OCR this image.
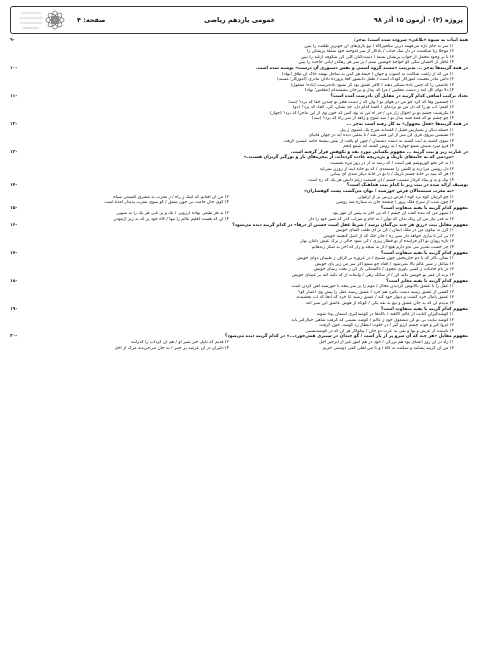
پروژه (۳) - آزمون ۱۵ آذر ۹۸
عمومی یازدهم ریاضی
صفحه: ۴
همهٔ ابیات به شیوهٔ «بلاغی» سروده شده است؛ به‌جز:
۹-
۱) سر نه جای ذرّه می‌فهمد درین تنگجیرگاه / تیغ بازی‌های آن خونریزِ طلعت را ببین
۲) موجلا زنا شکست در دل تنگ حباب / یادگار از سر آموخته خود شعلهٔ پریشان را
۳) تا بر وجود محملِ از خوابِ پریشان بستهٔ / دست‌کنان گلی گن شکوفه آرغند را ببین
۴) غافل از احسان تنگی کو خواجهٔ خوشین ستم / بر سر هر رهگذر آیاتی حاجت را ببین
در همهٔ گزینه‌ها به‌جز ... به‌ترتیب «مسند گروه اسمی و نقش دستوری آن درست» نوشته شده است.
۱۰-
۱) من که از زلفت شکایت به آشوب و جهان / خیمهٔ هر کس به ساحل نهفته خاک آن طاق (نهاد)
۲) دامن مادر نخست آموزگار کودک است / طفل دانشور کجا پرورده نادان مادری (آموزگار؛ مسند)
۳) عاشقی را که چنین بادهٔ شبگیر دهند / کافر عشق بود گر نشود باده‌پرست (باده؛ مفعول)
۴) دلا نوای گل آمد ز دست مجلس / مرا که بیدل و بی‌جان نشسته‌ام (مجلس؛ نهاد)
تعداد ترکیب اضافی کدام گزینه در مقابل آن نادرست آمده است؟
۱۱-
۱) چشمین وفا که کرد چو من در هوای تو / وان گه ز دست هجر تو چندین جفا که برد؟ (سه)
۲) گفتم: آب تو را که دل من تو بردمای / گفتنا کدام دل، چه نشان، کی، کجا، که برد؟ (دو)
۳) بگریست چشم تو بر احوال زار من / جز آه من نه بود کس که خون وی از این ماجرا که برد؟ (چهار)
۴) چو چشم تو که فتنهٔ فتنه بیدل تو / صد شوخ و زاهد از سر راه که برد؟ (سه)
در همهٔ گزینه‌ها «فعل مجهول» به کار رفته است به‌جز ...
۱۲-
۱) حسله دیگر ز بسیارش فقیل / گفته‌اید شرح یک عضوی ز پیل
۲) تشمس تیرؤی فری کن سر از این قصر بلند / تا بفلبی دیده آید در جهان فانیای
۳) سوی گشته به آیت گشته بد دست دشمنان / چون او یافت از نیش نیشتهٔ جامه عیسیٔ گرفت
۴) فرو میرد شبش شمع چهاره / به روش گشته آید شمع اِنجم
در عبارت زیر و بیت گزینهٔ ... مفهوم یکسانی مورد نقد و نکوهش قرار گرفته است.
۱۳-
«مردمی که به خانه‌های تاریک و بی‌دریچه عادت کرده‌اند، از پنجره‌های باز و نورگیر گریزان هستند.»
۱) به جز نحو کورپوشم هنر است / که رسد نه آر در روز تیره نشست
۲) دل روشن مرا زند و گلشن را مستعدی / که بو خانهٔ آینه از روزن نمی‌آید
۳) هر که بنیه بر خانهٔ چشم تاریک / تا نو در خانهٔ دیگر شدی ای بینایی
۴) نیک و بد و بنیاد کرداز مسبب چشم / آن قسمت زغم دانش هر یک که ره است
توصیف ارائه شده در بیت زیر با کدام بیت هماهنگ است؟
۱۴-
«به مغرب سینه‌مالان قرص خورشید / نهان می‌گشت پشت کوهساران»
۱) چو گریبان کوه برد کوه / قرص زرنین پر از ارغوان
۲) من آن آفتابم که آینک زِ راه / ز مغرب به مشرق کشیدن سپاه
۳) چون شب از سرخ فلک پرور / چشمهٔ جان به ستاره شد روشن
۴) گوی چان جامت نی چون شفق / گو سوی مغرب پدیدار آمده است
مفهوم کدام گزینه با بقیه متفاوت است؟
۱۵-
۱) سپهر من که بنده گفت آن جشم / که پی آخر به پیش آن مهر بود
۲) به هر طبعی نهاده آرزویی / نک و بز نابی هر یک را نه سویی
۳) به قدر نیاز من آن رنگ بدان که توان / به جام و شراب گذر که شیر خود را دار
۴) آن که هست اقلیم عالم را تنها / گاه خود پر که به زیر آزمودن
مفهوم مقابل بیت «رزق هر چند بی‌گمان برسد / شرط عقل است جستن از درها» در کدام گزینه دیده می‌شود؟
۱۶-
۱) گرز نه بیگوی من در ملک ایمان / کن بر ای طلب کتفای خویش
۲) نی ابر تا بیاری خواهد دار سپر زه / جان چک که از اصل گنجینه خویش
۳) تازه رویان تو اگر فزاینده از نو قطار ریزی / کی شود حالی ز برگ عیش دامان بهار
۴) جز حسب تقدیر نتی ندو دارم هیچ / از نه نتیجه و زار که آخر به شکر زندهایم
مفهوم کدام گزینه با بقیه متفاوت است؟
۱۷-
۱) تمکن ناکر که با دم جان‌بخش چون مسیح / در عروره بر گزاف ز طبیبان دوای خویش
۲) شاغل ز سیر عالم بالا نمی‌شود / افتاد چو شمع اگر سر من زیر پای خویش
۳) در بام حادثات ز کسی باوری مجوی / ناگشتگی باز کن ز بخت رسای خویش
۴) برنه از عمر تو خویش تکیه کن / از سائک رهی / وانمانه از که تکیه کند بر عصای خویش
مفهوم کدام گزینه با بقیه مغایر است؟
۱۸-
۱) عقل را با عشق بالانوس گردیدن محال / موم را بر سر پنجه با خورشید آهن کردن است
۲) گفتنی از عشق رسید دست نگیرد هم خرد / عشق رسید عقل را پیش وی اعتبار کو؟
۳) عشق پامال خرد گشت و دیوار خود کند / عشق رسید آیا خرد که آنجا که آب بخشیدند
۴) ندیدم آن که به جان عشق و تیغ به نقد یکی / کوتاه از هوش عاشق این سیر آمد
مفهوم کدام گزینه با بقیه متفاوت است؟
۱۹-
۱) گوشه‌گیرانِ کتابت از عالم آگاهند / ناکه‌ها در گوشه‌گیری آسمان پیدا شوند
۲) گوشه نبابت بی تو کن مشغولِ خود ز عالم / گوشه نشینی که گرفت شاهی خیال‌گیر یابد
۳) انزوا گیر و قوت چشم آرزو گیر / در خلوت انتظار زد گوشه، خون گرفت
۴) ناسپت از عرش و بها و تقی به عزت دو جان / نیکوکار هر آن که در گوشه‌نشینی
مفهوم مقابل «هر چند که آن سرو پر از بار است / گو چندان در ستیزی همی‌خورد...» در کدام گزینه دیده می‌شود؟
۲۰-
۱) زاد در آن روز اعتنای بود هم بزرگی / خود در هم آموز غیر از اتزجیر اجل
۲) قدیم که دلیل خیر شیر او / هم آن گرداب را گذرانند
۳) من آن گزینه بشانند و سکنت نه گاه / و با من اهلی کمی دوستی حریم
۴) دلیران در آن عرصه یر جنبر / به جان می‌خریدند مرگ از اجل
